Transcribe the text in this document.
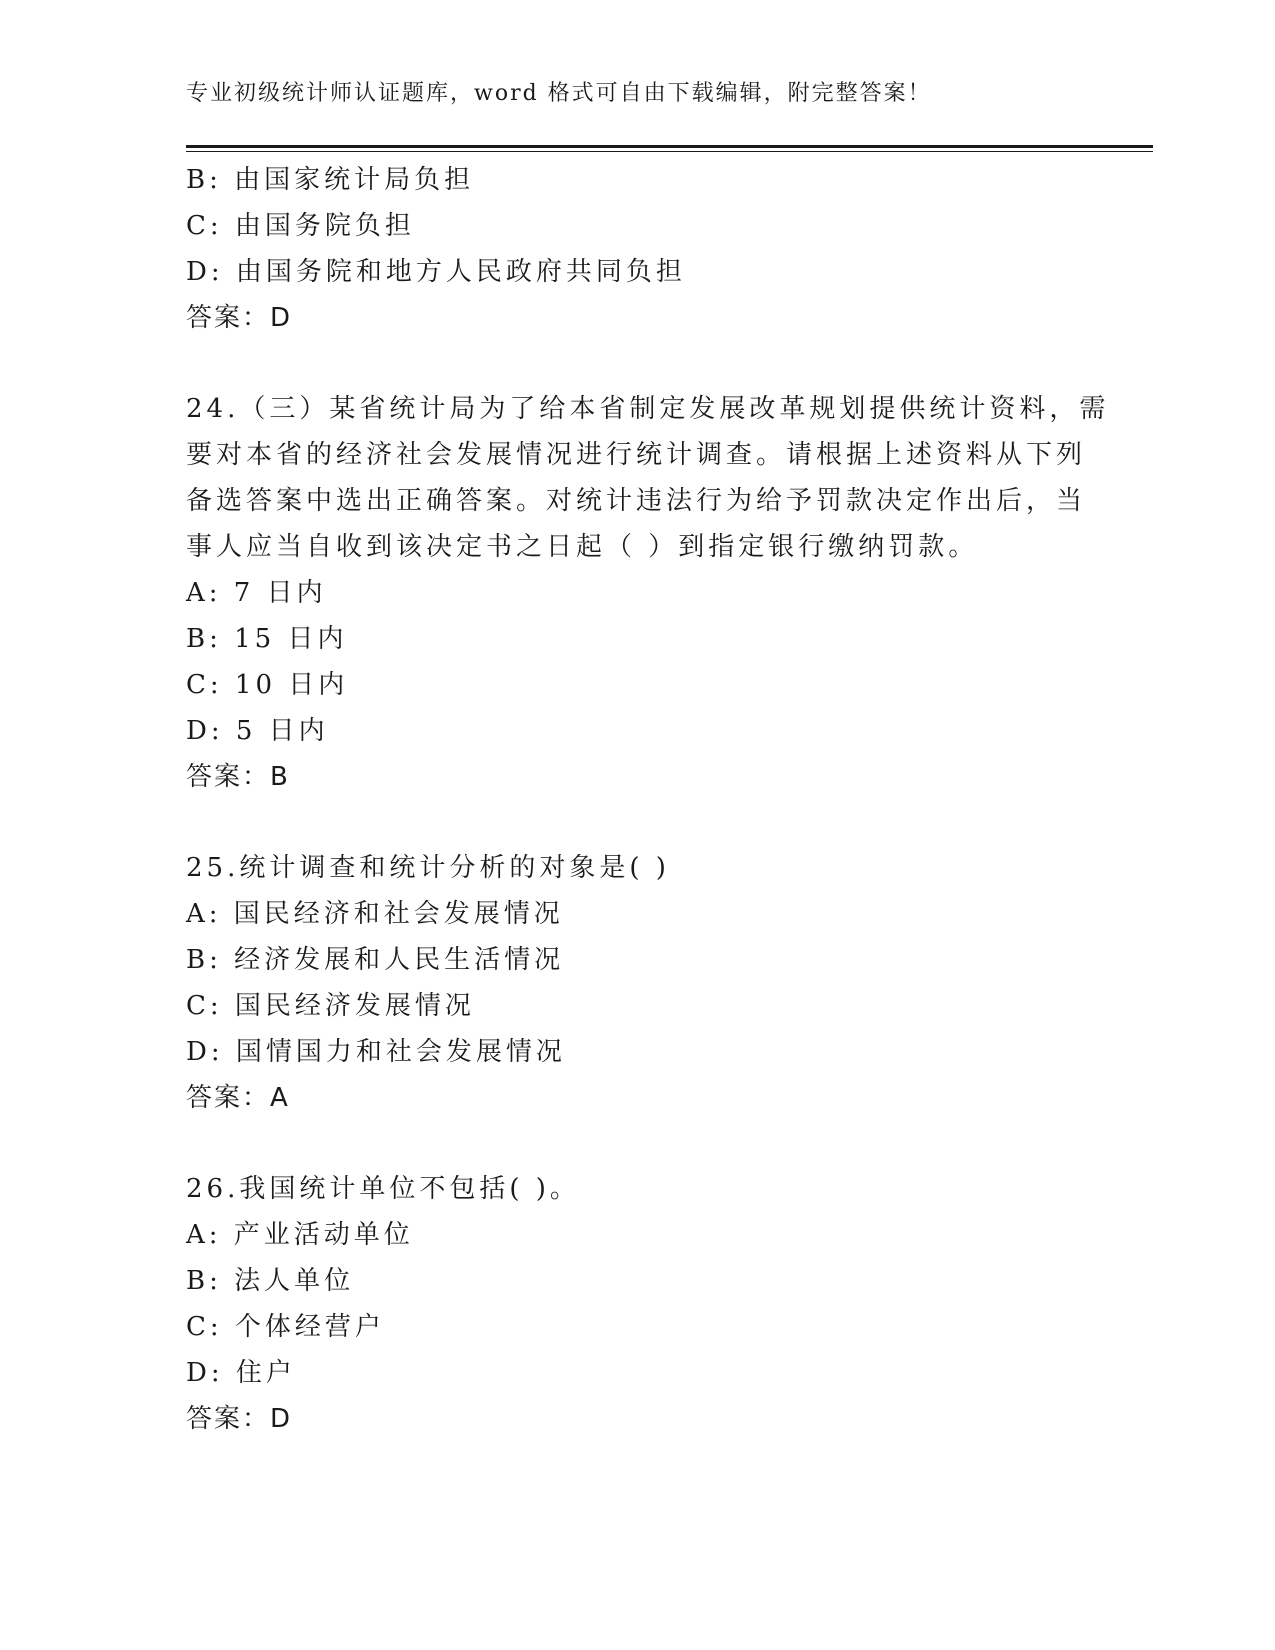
专业初级统计师认证题库，word 格式可自由下载编辑，附完整答案！
B: 由国家统计局负担
C: 由国务院负担
D: 由国务院和地方人民政府共同负担
答案：D
24.（三）某省统计局为了给本省制定发展改革规划提供统计资料，需
要对本省的经济社会发展情况进行统计调查。请根据上述资料从下列
备选答案中选出正确答案。对统计违法行为给予罚款决定作出后，当
事人应当自收到该决定书之日起（ ）到指定银行缴纳罚款。
A: 7 日内
B: 15 日内
C: 10 日内
D: 5 日内
答案：B
25.统计调查和统计分析的对象是( )
A: 国民经济和社会发展情况
B: 经济发展和人民生活情况
C: 国民经济发展情况
D: 国情国力和社会发展情况
答案：A
26.我国统计单位不包括( )。
A: 产业活动单位
B: 法人单位
C: 个体经营户
D: 住户
答案：D
